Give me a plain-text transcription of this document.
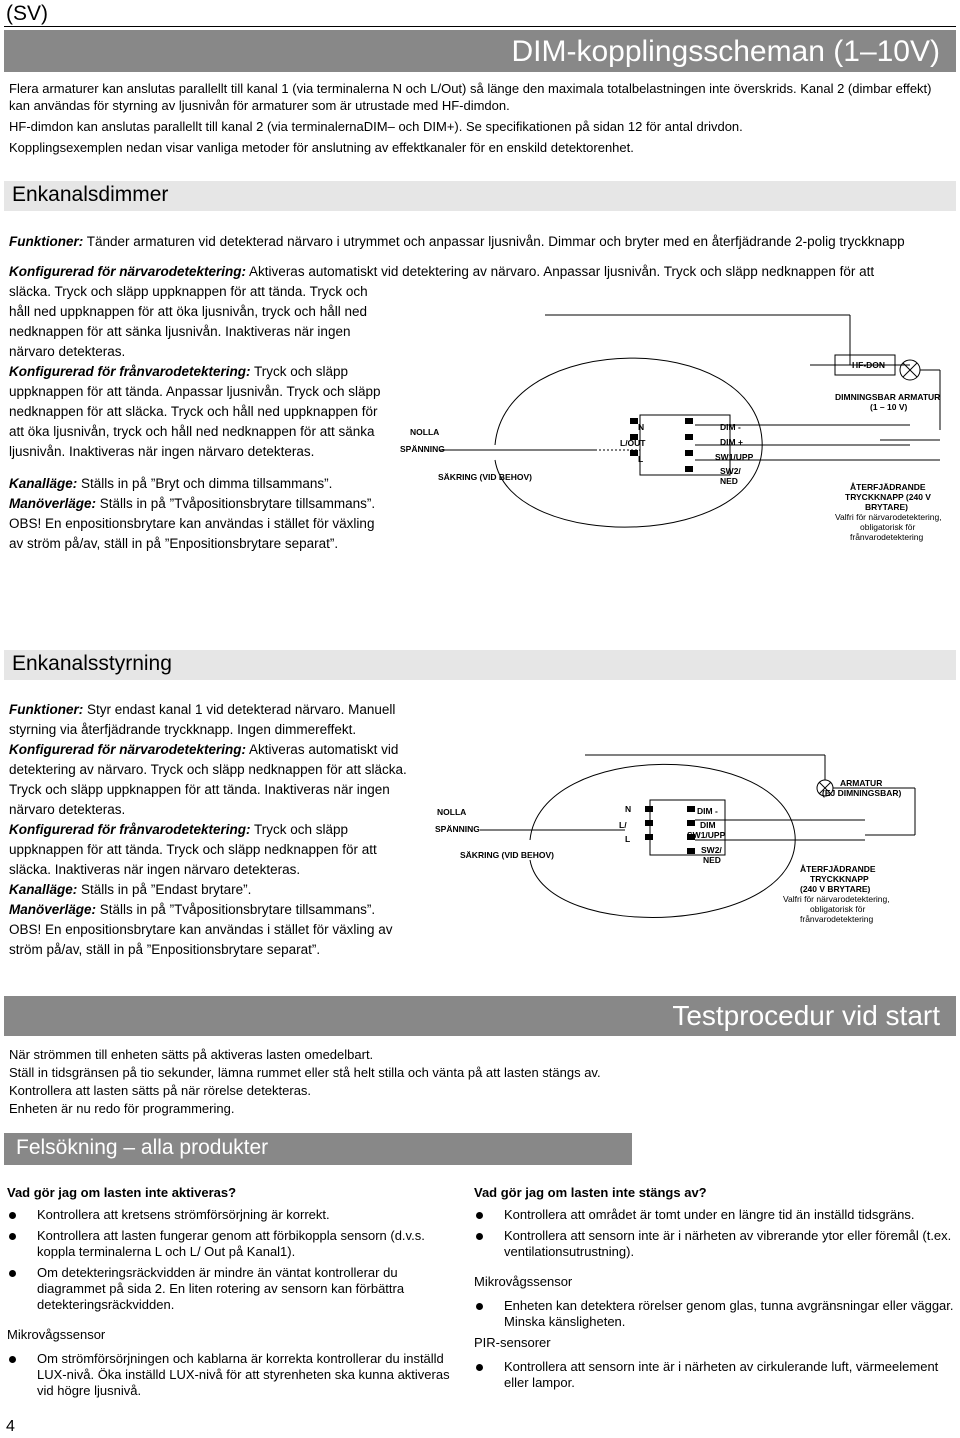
(SV)
DIM-kopplingsscheman (1–10V)

Flera armaturer kan anslutas parallellt till kanal 1 (via terminalerna N och L/Out) så länge den maximala totalbelastningen inte överskrids. Kanal 2 (dimbar effekt) kan användas för styrning av ljusnivån för armaturer som är utrustade med HF-dimdon.

HF-dimdon kan anslutas parallellt till kanal 2 (via terminalernaDIM– och DIM+). Se specifikationen på sidan 12 för antal drivdon.

Kopplingsexemplen nedan visar vanliga metoder för anslutning av effektkanaler för en enskild detektorenhet.

Enkanalsdimmer
Funktioner: Tänder armaturen vid detekterad närvaro i utrymmet och anpassar ljusnivån. Dimmar och bryter med en återfjädrande 2-polig tryckknapp
Konfigurerad för närvarodetektering: Aktiveras automatiskt vid detektering av närvaro. Anpassar ljusnivån. Tryck och släpp nedknappen för att
släcka. Tryck och släpp uppknappen för att tända. Tryck och håll ned uppknappen för att öka ljusnivån, tryck och håll ned nedknappen för att sänka ljusnivån. Inaktiveras när ingen närvaro detekteras.
Konfigurerad för frånvarodetektering: Tryck och släpp uppknappen för att tända. Anpassar ljusnivån. Tryck och släpp nedknappen för att släcka. Tryck och håll ned uppknappen för att öka ljusnivån, tryck och håll ned nedknappen för att sänka ljusnivån. Inaktiveras när ingen närvaro detekteras.
Kanalläge: Ställs in på ”Bryt och dimma tillsammans”.
Manöverläge: Ställs in på ”Tvåpositionsbrytare tillsammans”. OBS! En enpositionsbrytare kan användas i stället för växling av ström på/av, ställ in på ”Enpositionsbrytare separat”.
NOLLA
SPÄNNING
SÄKRING (VID BEHOV)
N
L/OUT
L
DIM -
DIM +
SW1/UPP
SW2/
NED
HF-DON
DIMNINGSBAR ARMATUR
(1 – 10 V)
ÅTERFJÄDRANDE
TRYCKKNAPP (240 V
BRYTARE)
Valfri för närvarodetektering,
obligatorisk för
frånvarodetektering
Enkanalsstyrning
Funktioner: Styr endast kanal 1 vid detekterad närvaro. Manuell styrning via återfjädrande tryckknapp. Ingen dimmereffekt.
Konfigurerad för närvarodetektering: Aktiveras automatiskt vid detektering av närvaro. Tryck och släpp nedknappen för att släcka. Tryck och släpp uppknappen för att tända. Inaktiveras när ingen närvaro detekteras.
Konfigurerad för frånvarodetektering: Tryck och släpp uppknappen för att tända. Tryck och släpp nedknappen för att släcka. Inaktiveras när ingen närvaro detekteras.
Kanalläge: Ställs in på ”Endast brytare”.
Manöverläge: Ställs in på ”Tvåpositionsbrytare tillsammans”.
OBS! En enpositionsbrytare kan användas i stället för växling av ström på/av, ställ in på ”Enpositionsbrytare separat”.
NOLLA
SPÄNNING
SÄKRING (VID BEHOV)
N
L/
L
DIM -
DIM
SW1/UPP
SW2/
NED
ARMATUR
(EJ DIMNINGSBAR)
ÅTERFJÄDRANDE
TRYCKKNAPP
(240 V BRYTARE)
Valfri för närvarodetektering,
obligatorisk för
frånvarodetektering
Testprocedur vid start
När strömmen till enheten sätts på aktiveras lasten omedelbart.
Ställ in tidsgränsen på tio sekunder, lämna rummet eller stå helt stilla och vänta på att lasten stängs av.
Kontrollera att lasten sätts på när rörelse detekteras.
Enheten är nu redo för programmering.
Felsökning – alla produkter
Vad gör jag om lasten inte aktiveras?
Kontrollera att kretsens strömförsörjning är korrekt.
Kontrollera att lasten fungerar genom att förbikoppla sensorn (d.v.s. koppla terminalerna L och L/ Out på Kanal1).
Om detekteringsräckvidden är mindre än väntat kontrollerar du diagrammet på sida 2. En liten rotering av sensorn kan förbättra detekteringsräckvidden.
Mikrovågssensor
Om strömförsörjningen och kablarna är korrekta kontrollerar du inställd LUX-nivå. Öka inställd LUX-nivå för att styrenheten ska kunna aktiveras vid högre ljusnivå.
Vad gör jag om lasten inte stängs av?
Kontrollera att området är tomt under en längre tid än inställd tidsgräns.
Kontrollera att sensorn inte är i närheten av vibrerande ytor eller föremål (t.ex. ventilationsutrustning).
Mikrovågssensor
Enheten kan detektera rörelser genom glas, tunna avgränsningar eller väggar. Minska känsligheten.
PIR-sensorer
Kontrollera att sensorn inte är i närheten av cirkulerande luft, värmeelement eller lampor.
4
